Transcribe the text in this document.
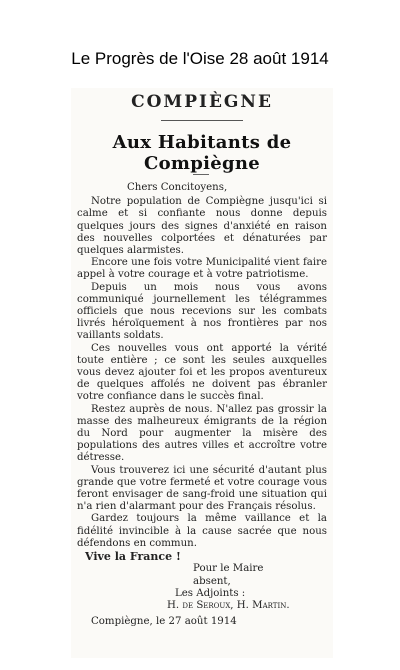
Le Progrès de l'Oise 28 août 1914
COMPIÈGNE
Aux Habitants de Compiègne
Chers Concitoyens,

Notre population de Compiègne jusqu'ici si calme et si confiante nous donne depuis quelques jours des signes d'anxiété en raison des nouvelles colportées et dénaturées par quelques alarmistes.

Encore une fois votre Municipalité vient faire appel à votre courage et à votre patriotisme.

Depuis un mois nous vous avons communiqué journellement les télégrammes officiels que nous recevions sur les combats livrés héroïquement à nos frontières par nos vaillants soldats.

Ces nouvelles vous ont apporté la vérité toute entière ; ce sont les seules auxquelles vous devez ajouter foi et les propos aventureux de quelques affolés ne doivent pas ébranler votre confiance dans le succès final.

Restez auprès de nous. N'allez pas grossir la masse des malheureux émigrants de la région du Nord pour augmenter la misère des populations des autres villes et accroître votre détresse.

Vous trouverez ici une sécurité d'autant plus grande que votre fermeté et votre courage vous feront envisager de sang-froid une situation qui n'a rien d'alarmant pour des Français résolus.

Gardez toujours la même vaillance et la fidélité invincible à la cause sacrée que nous défendons en commun.

Vive la France !
Pour le Maire absent,
Les Adjoints :
H. de Seroux, H. Martin.
Compiègne, le 27 août 1914
